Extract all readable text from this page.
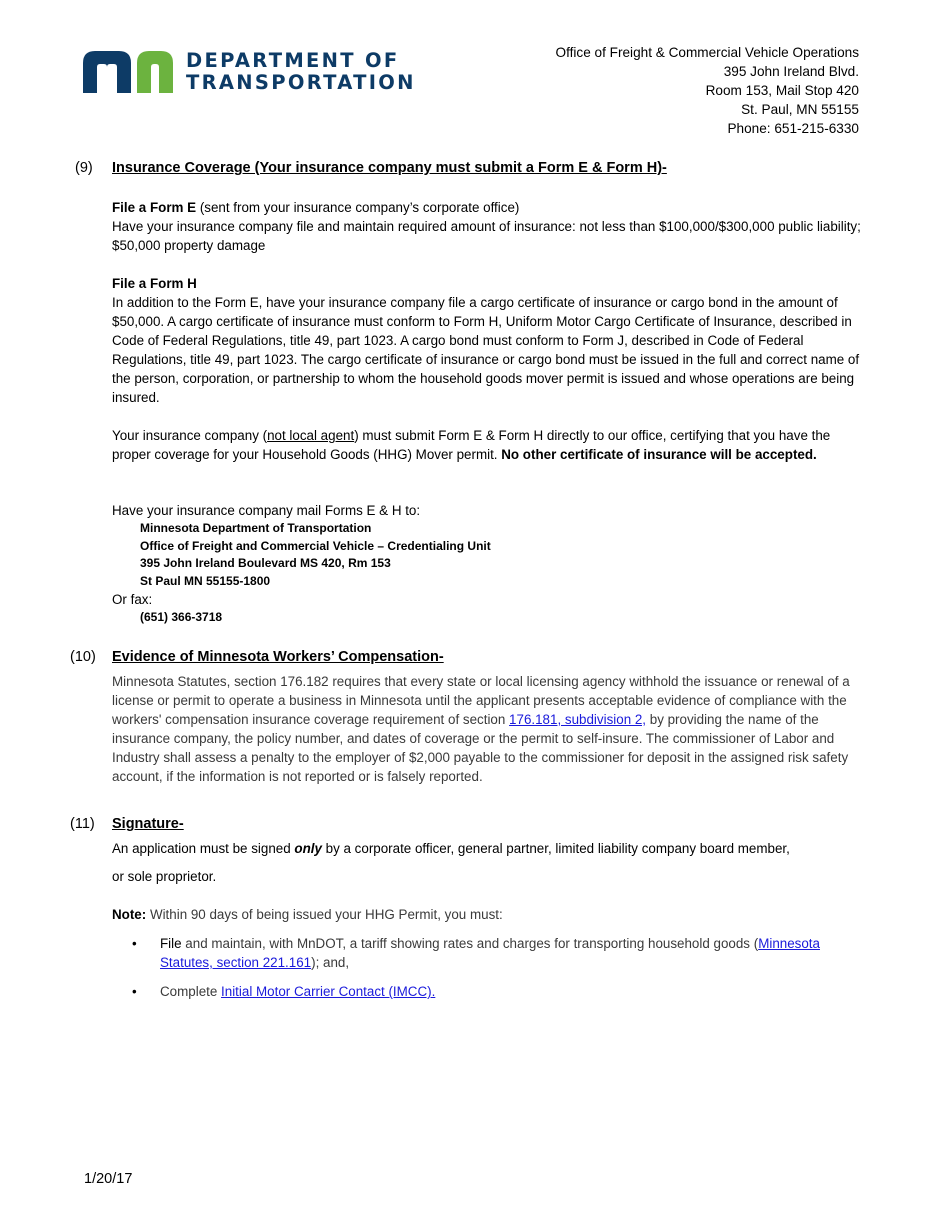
DEPARTMENT OF
TRANSPORTATION
Office of Freight & Commercial Vehicle Operations
395 John Ireland Blvd.
Room 153, Mail Stop 420
St. Paul, MN 55155
Phone: 651-215-6330
(9) Insurance Coverage (Your insurance company must submit a Form E & Form H)-

File a Form E (sent from your insurance company’s corporate office)

Have your insurance company file and maintain required amount of insurance: not less than $100,000/$300,000 public liability; $50,000 property damage

File a Form H

In addition to the Form E, have your insurance company file a cargo certificate of insurance or cargo bond in the amount of $50,000. A cargo certificate of insurance must conform to Form H, Uniform Motor Cargo Certificate of Insurance, described in Code of Federal Regulations, title 49, part 1023. A cargo bond must conform to Form J, described in Code of Federal Regulations, title 49, part 1023. The cargo certificate of insurance or cargo bond must be issued in the full and correct name of the person, corporation, or partnership to whom the household goods mover permit is issued and whose operations are being insured.

Your insurance company (not local agent) must submit Form E & Form H directly to our office, certifying that you have the proper coverage for your Household Goods (HHG) Mover permit. No other certificate of insurance will be accepted.

Have your insurance company mail Forms E & H to:

Minnesota Department of Transportation
Office of Freight and Commercial Vehicle – Credentialing Unit
395 John Ireland Boulevard MS 420, Rm 153
St Paul MN 55155-1800

Or fax:

(651) 366-3718
(10) Evidence of Minnesota Workers’ Compensation-

Minnesota Statutes, section 176.182 requires that every state or local licensing agency withhold the issuance or renewal of a license or permit to operate a business in Minnesota until the applicant presents acceptable evidence of compliance with the workers' compensation insurance coverage requirement of section 176.181, subdivision 2, by providing the name of the insurance company, the policy number, and dates of coverage or the permit to self-insure. The commissioner of Labor and Industry shall assess a penalty to the employer of $2,000 payable to the commissioner for deposit in the assigned risk safety account, if the information is not reported or is falsely reported.

(11) Signature-

An application must be signed only by a corporate officer, general partner, limited liability company board member,

or sole proprietor.

Note: Within 90 days of being issued your HHG Permit, you must:

• File and maintain, with MnDOT, a tariff showing rates and charges for transporting household goods (Minnesota Statutes, section 221.161); and,

• Complete Initial Motor Carrier Contact (IMCC).

1/20/17
